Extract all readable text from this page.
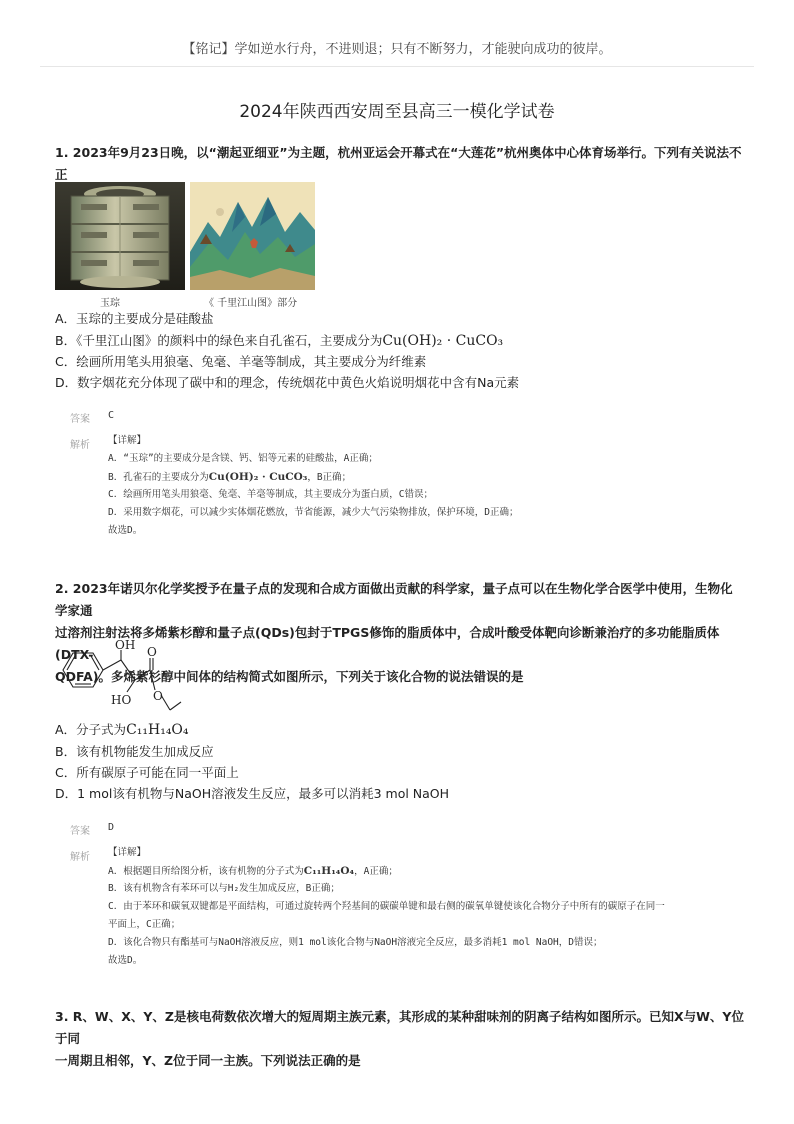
【铭记】学如逆水行舟，不进则退；只有不断努力，才能驶向成功的彼岸。
2024年陕西西安周至县高三一模化学试卷
1. 2023年9月23日晚，以“潮起亚细亚”为主题，杭州亚运会开幕式在“大莲花”杭州奥体中心体育场举行。下列有关说法不正
玉琮	《 千里江山图》部分
A．玉琮的主要成分是硅酸盐
B．《千里江山图》的颜料中的绿色来自孔雀石，主要成分为Cu(OH)₂ · CuCO₃
C．绘画所用笔头用狼毫、兔毫、羊毫等制成，其主要成分为纤维素
D．数字烟花充分体现了碳中和的理念，传统烟花中黄色火焰说明烟花中含有Na元素
答案 C
解析 【详解】
A．“玉琮”的主要成分是含镁、钙、铝等元素的硅酸盐，A正确；
B．孔雀石的主要成分为Cu(OH)₂ · CuCO₃，B正确；
C．绘画所用笔头用狼毫、兔毫、羊毫等制成，其主要成分为蛋白质，C错误；
D．采用数字烟花，可以减少实体烟花燃放，节省能源，减少大气污染物排放，保护环境，D正确；
故选D。
2. 2023年诺贝尔化学奖授予在量子点的发现和合成方面做出贡献的科学家，量子点可以在生物化学合医学中使用，生物化学家通
过溶剂注射法将多烯紫杉醇和量子点(QDs)包封于TPGS修饰的脂质体中，合成叶酸受体靶向诊断兼治疗的多功能脂质体(DTX-
QDFA)。多烯紫杉醇中间体的结构简式如图所示，下列关于该化合物的说法错误的是
OH O
HO O
A．分子式为C₁₁H₁₄O₄
B．该有机物能发生加成反应
C．所有碳原子可能在同一平面上
D．1 mol该有机物与NaOH溶液发生反应，最多可以消耗3 mol NaOH
答案 D
解析 【详解】
A．根据题目所给图分析，该有机物的分子式为C₁₁H₁₄O₄，A正确；
B．该有机物含有苯环可以与H₂发生加成反应，B正确；
C．由于苯环和碳氧双键都是平面结构，可通过旋转两个羟基间的碳碳单键和最右侧的碳氧单键使该化合物分子中所有的碳原子在同一
平面上，C正确；
D．该化合物只有酯基可与NaOH溶液反应，则1 mol该化合物与NaOH溶液完全反应，最多消耗1 mol NaOH，D错误；
故选D。
3. R、W、X、Y、Z是核电荷数依次增大的短周期主族元素，其形成的某种甜味剂的阴离子结构如图所示。已知X与W、Y位于同
一周期且相邻，Y、Z位于同一主族。下列说法正确的是
